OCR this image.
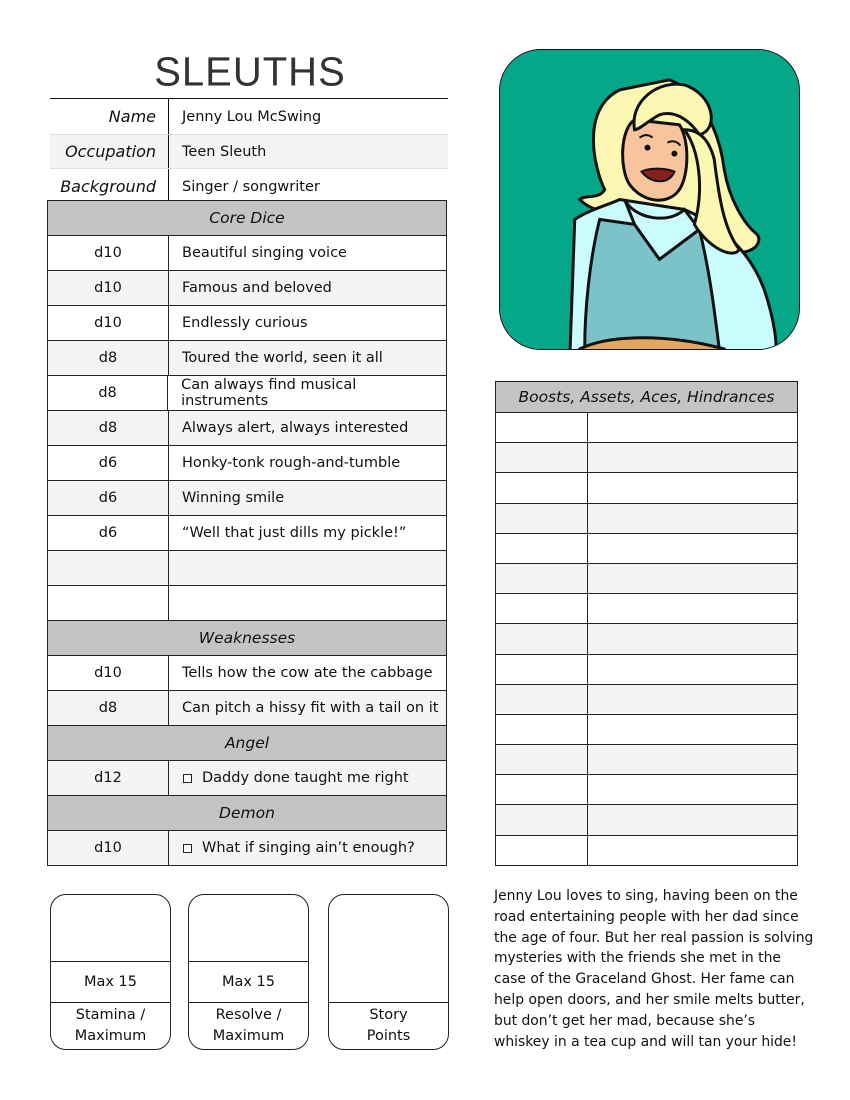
SLEUTHS
Name	Jenny Lou McSwing
Occupation	Teen Sleuth
Background	Singer / songwriter
Core Dice
d10	Beautiful singing voice
d10	Famous and beloved
d10	Endlessly curious
d8	Toured the world, seen it all
d8	Can always find musical instruments
d8	Always alert, always interested
d6	Honky-tonk rough-and-tumble
d6	Winning smile
d6	“Well that just dills my pickle!”
Weaknesses
d10	Tells how the cow ate the cabbage
d8	Can pitch a hissy fit with a tail on it
Angel
d12	Daddy done taught me right
Demon
d10	What if singing ain’t enough?
Boosts, Assets, Aces, Hindrances
Max 15
Stamina /
Maximum
Max 15
Resolve /
Maximum
Story
Points
Jenny Lou loves to sing, having been on the road entertaining people with her dad since the age of four. But her real passion is solving mysteries with the friends she met in the case of the Graceland Ghost. Her fame can help open doors, and her smile melts butter, but don’t get her mad, because she’s whiskey in a tea cup and will tan your hide!
